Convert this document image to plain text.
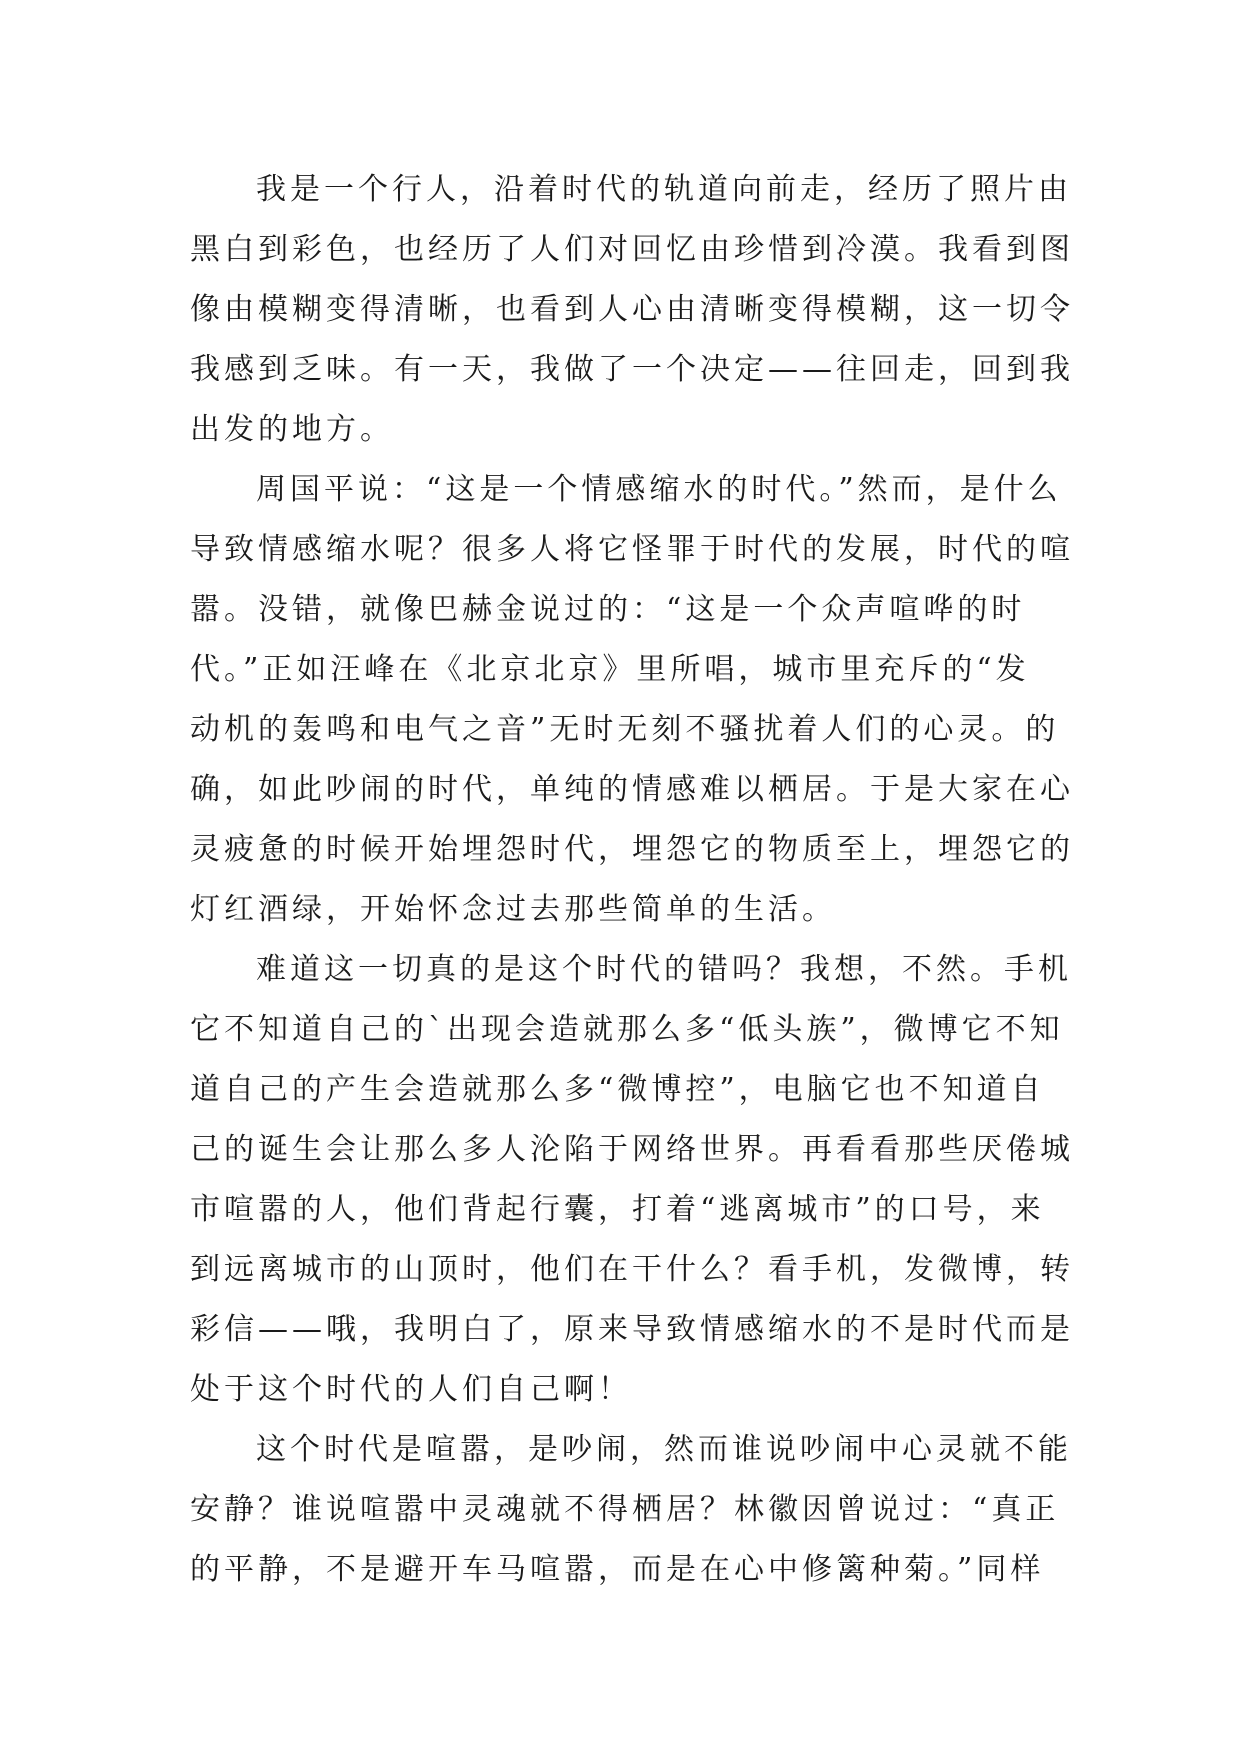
我是一个行人，沿着时代的轨道向前走，经历了照片由
黑白到彩色，也经历了人们对回忆由珍惜到冷漠。我看到图
像由模糊变得清晰，也看到人心由清晰变得模糊，这一切令
我感到乏味。有一天，我做了一个决定——往回走，回到我
出发的地方。

周国平说：“这是一个情感缩水的时代。”然而，是什么
导致情感缩水呢？很多人将它怪罪于时代的发展，时代的喧
嚣。没错，就像巴赫金说过的：“这是一个众声喧哗的时
代。”正如汪峰在《北京北京》里所唱，城市里充斥的“发
动机的轰鸣和电气之音”无时无刻不骚扰着人们的心灵。的
确，如此吵闹的时代，单纯的情感难以栖居。于是大家在心
灵疲惫的时候开始埋怨时代，埋怨它的物质至上，埋怨它的
灯红酒绿，开始怀念过去那些简单的生活。

难道这一切真的是这个时代的错吗？我想，不然。手机
它不知道自己的`出现会造就那么多“低头族”，微博它不知
道自己的产生会造就那么多“微博控”，电脑它也不知道自
己的诞生会让那么多人沦陷于网络世界。再看看那些厌倦城
市喧嚣的人，他们背起行囊，打着“逃离城市”的口号，来
到远离城市的山顶时，他们在干什么？看手机，发微博，转
彩信——哦，我明白了，原来导致情感缩水的不是时代而是
处于这个时代的人们自己啊！

这个时代是喧嚣，是吵闹，然而谁说吵闹中心灵就不能
安静？谁说喧嚣中灵魂就不得栖居？林徽因曾说过：“真正
的平静，不是避开车马喧嚣，而是在心中修篱种菊。”同样
